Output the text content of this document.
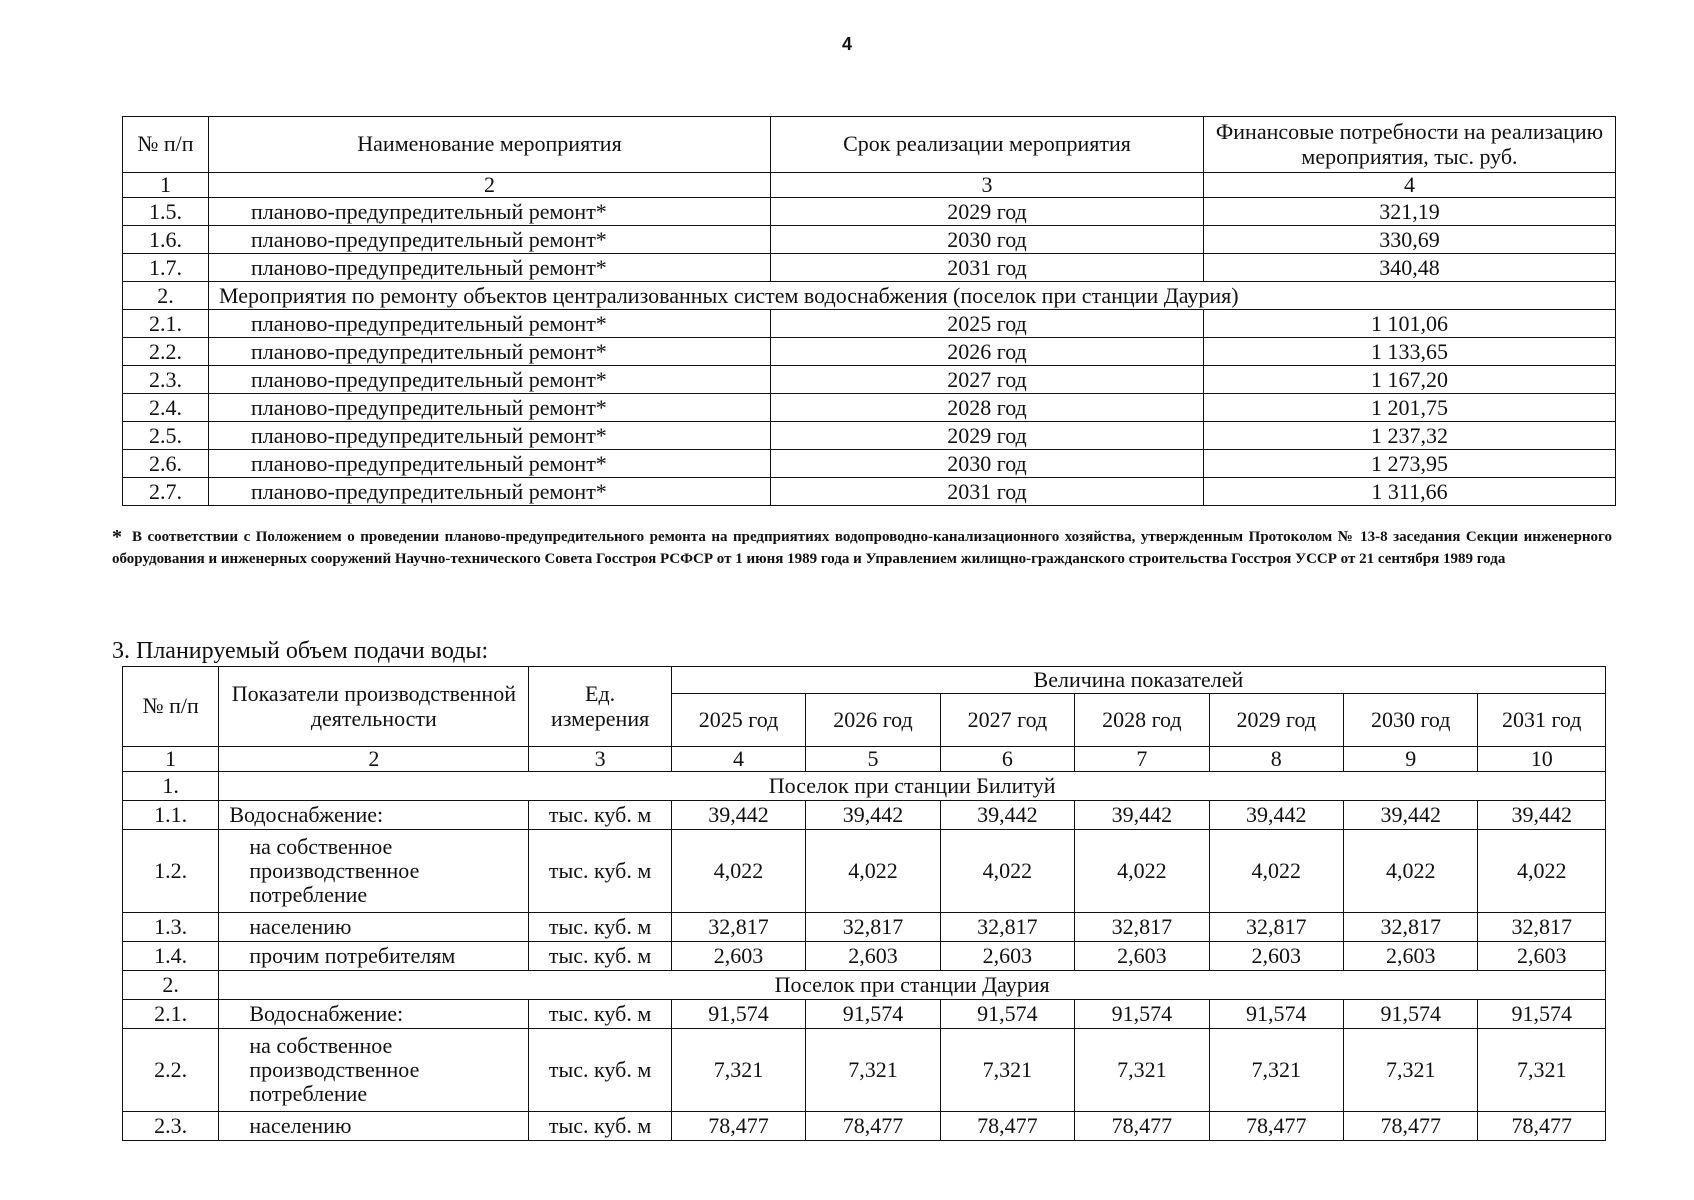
4
№ п/п	Наименование мероприятия	Срок реализации мероприятия	Финансовые потребности на реализацию мероприятия, тыс. руб.
1	2	3	4
1.5.	планово-предупредительный ремонт*	2029 год	321,19
1.6.	планово-предупредительный ремонт*	2030 год	330,69
1.7.	планово-предупредительный ремонт*	2031 год	340,48
2.	Мероприятия по ремонту объектов централизованных систем водоснабжения (поселок при станции Даурия)		
2.1.	планово-предупредительный ремонт*	2025 год	1 101,06
2.2.	планово-предупредительный ремонт*	2026 год	1 133,65
2.3.	планово-предупредительный ремонт*	2027 год	1 167,20
2.4.	планово-предупредительный ремонт*	2028 год	1 201,75
2.5.	планово-предупредительный ремонт*	2029 год	1 237,32
2.6.	планово-предупредительный ремонт*	2030 год	1 273,95
2.7.	планово-предупредительный ремонт*	2031 год	1 311,66
* В соответствии с Положением о проведении планово-предупредительного ремонта на предприятиях водопроводно-канализационного хозяйства, утвержденным Протоколом № 13-8 заседания Секции инженерного оборудования и инженерных сооружений Научно-технического Совета Госстроя РСФСР от 1 июня 1989 года и Управлением жилищно-гражданского строительства Госстроя УССР от 21 сентября 1989 года
3. Планируемый объем подачи воды:
№ п/п	Показатели производственной деятельности	Ед. измерения	Величина показателей						
			2025 год	2026 год	2027 год	2028 год	2029 год	2030 год	2031 год
1	2	3	4	5	6	7	8	9	10
1.	Поселок при станции Билитуй								
1.1.	Водоснабжение:	тыс. куб. м	39,442	39,442	39,442	39,442	39,442	39,442	39,442
1.2.	на собственное производственное потребление	тыс. куб. м	4,022	4,022	4,022	4,022	4,022	4,022	4,022
1.3.	населению	тыс. куб. м	32,817	32,817	32,817	32,817	32,817	32,817	32,817
1.4.	прочим потребителям	тыс. куб. м	2,603	2,603	2,603	2,603	2,603	2,603	2,603
2.	Поселок при станции Даурия								
2.1.	Водоснабжение:	тыс. куб. м	91,574	91,574	91,574	91,574	91,574	91,574	91,574
2.2.	на собственное производственное потребление	тыс. куб. м	7,321	7,321	7,321	7,321	7,321	7,321	7,321
2.3.	населению	тыс. куб. м	78,477	78,477	78,477	78,477	78,477	78,477	78,477
